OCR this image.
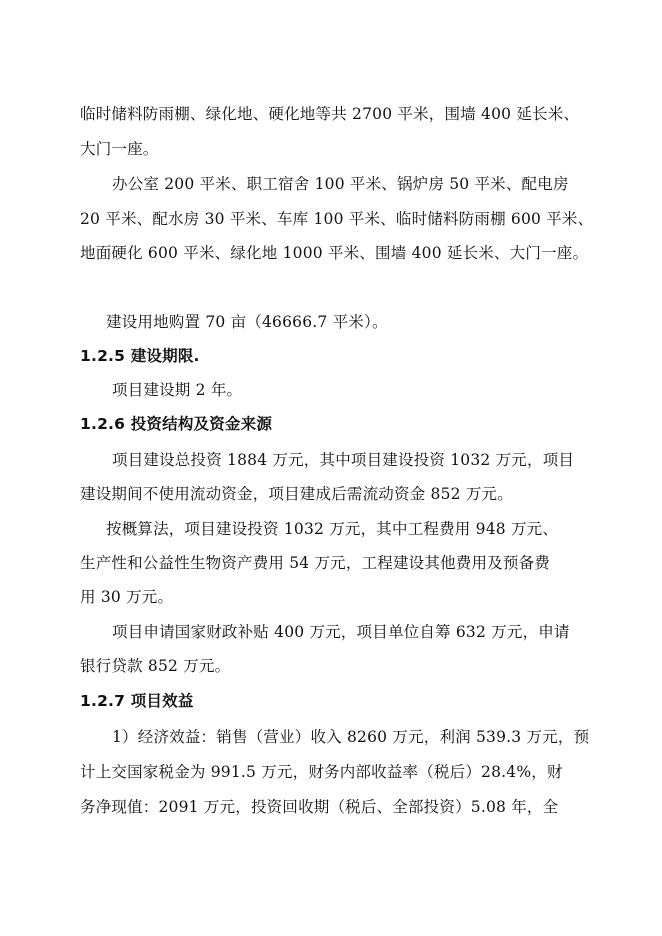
临时储料防雨棚、绿化地、硬化地等共 2700 平米，围墙 400 延长米、
大门一座。
办公室 200 平米、职工宿舍 100 平米、锅炉房 50 平米、配电房
20 平米、配水房 30 平米、车库 100 平米、临时储料防雨棚 600 平米、
地面硬化 600 平米、绿化地 1000 平米、围墙 400 延长米、大门一座。
建设用地购置 70 亩（46666.7 平米）。
1.2.5 建设期限.
项目建设期 2 年。
1.2.6 投资结构及资金来源
项目建设总投资 1884 万元，其中项目建设投资 1032 万元，项目
建设期间不使用流动资金，项目建成后需流动资金 852 万元。
按概算法，项目建设投资 1032 万元，其中工程费用 948 万元、
生产性和公益性生物资产费用 54 万元，工程建设其他费用及预备费
用 30 万元。
项目申请国家财政补贴 400 万元，项目单位自筹 632 万元，申请
银行贷款 852 万元。
1.2.7 项目效益
1）经济效益：销售（营业）收入 8260 万元，利润 539.3 万元，预
计上交国家税金为 991.5 万元，财务内部收益率（税后）28.4%，财
务净现值：2091 万元，投资回收期（税后、全部投资）5.08 年，全
